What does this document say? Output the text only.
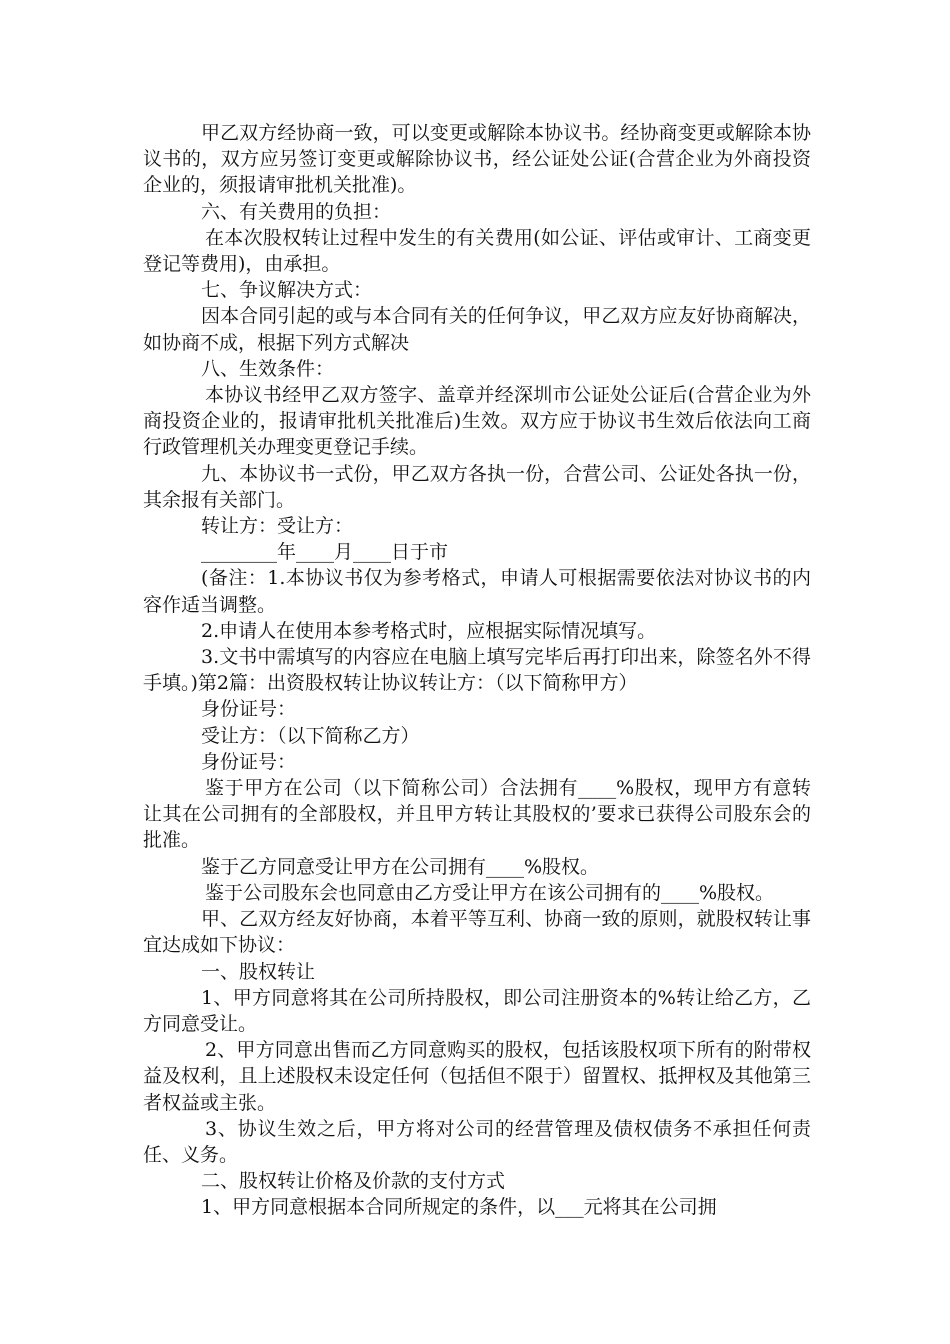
甲乙双方经协商一致，可以变更或解除本协议书。经协商变更或解除本协议书的，双方应另签订变更或解除协议书，经公证处公证(合营企业为外商投资企业的，须报请审批机关批准)。

六、有关费用的负担：

在本次股权转让过程中发生的有关费用(如公证、评估或审计、工商变更登记等费用)，由承担。

七、争议解决方式：

因本合同引起的或与本合同有关的任何争议，甲乙双方应友好协商解决，如协商不成，根据下列方式解决

八、生效条件：

本协议书经甲乙双方签字、盖章并经深圳市公证处公证后(合营企业为外商投资企业的，报请审批机关批准后)生效。双方应于协议书生效后依法向工商行政管理机关办理变更登记手续。

九、本协议书一式份，甲乙双方各执一份，合营公司、公证处各执一份，其余报有关部门。

转让方：受让方：

________年____月____日于市

(备注：1.本协议书仅为参考格式，申请人可根据需要依法对协议书的内容作适当调整。

2.申请人在使用本参考格式时，应根据实际情况填写。

3.文书中需填写的内容应在电脑上填写完毕后再打印出来，除签名外不得手填。)第2篇：出资股权转让协议转让方：（以下简称甲方）

身份证号：

受让方：（以下简称乙方）

身份证号：

鉴于甲方在公司（以下简称公司）合法拥有____%股权，现甲方有意转让其在公司拥有的全部股权，并且甲方转让其股权的’要求已获得公司股东会的批准。

鉴于乙方同意受让甲方在公司拥有____%股权。

鉴于公司股东会也同意由乙方受让甲方在该公司拥有的____%股权。

甲、乙双方经友好协商，本着平等互利、协商一致的原则，就股权转让事宜达成如下协议：

一、股权转让

1、甲方同意将其在公司所持股权，即公司注册资本的%转让给乙方，乙方同意受让。

2、甲方同意出售而乙方同意购买的股权，包括该股权项下所有的附带权益及权利，且上述股权未设定任何（包括但不限于）留置权、抵押权及其他第三者权益或主张。

3、协议生效之后，甲方将对公司的经营管理及债权债务不承担任何责任、义务。

二、股权转让价格及价款的支付方式

1、甲方同意根据本合同所规定的条件，以___元将其在公司拥
